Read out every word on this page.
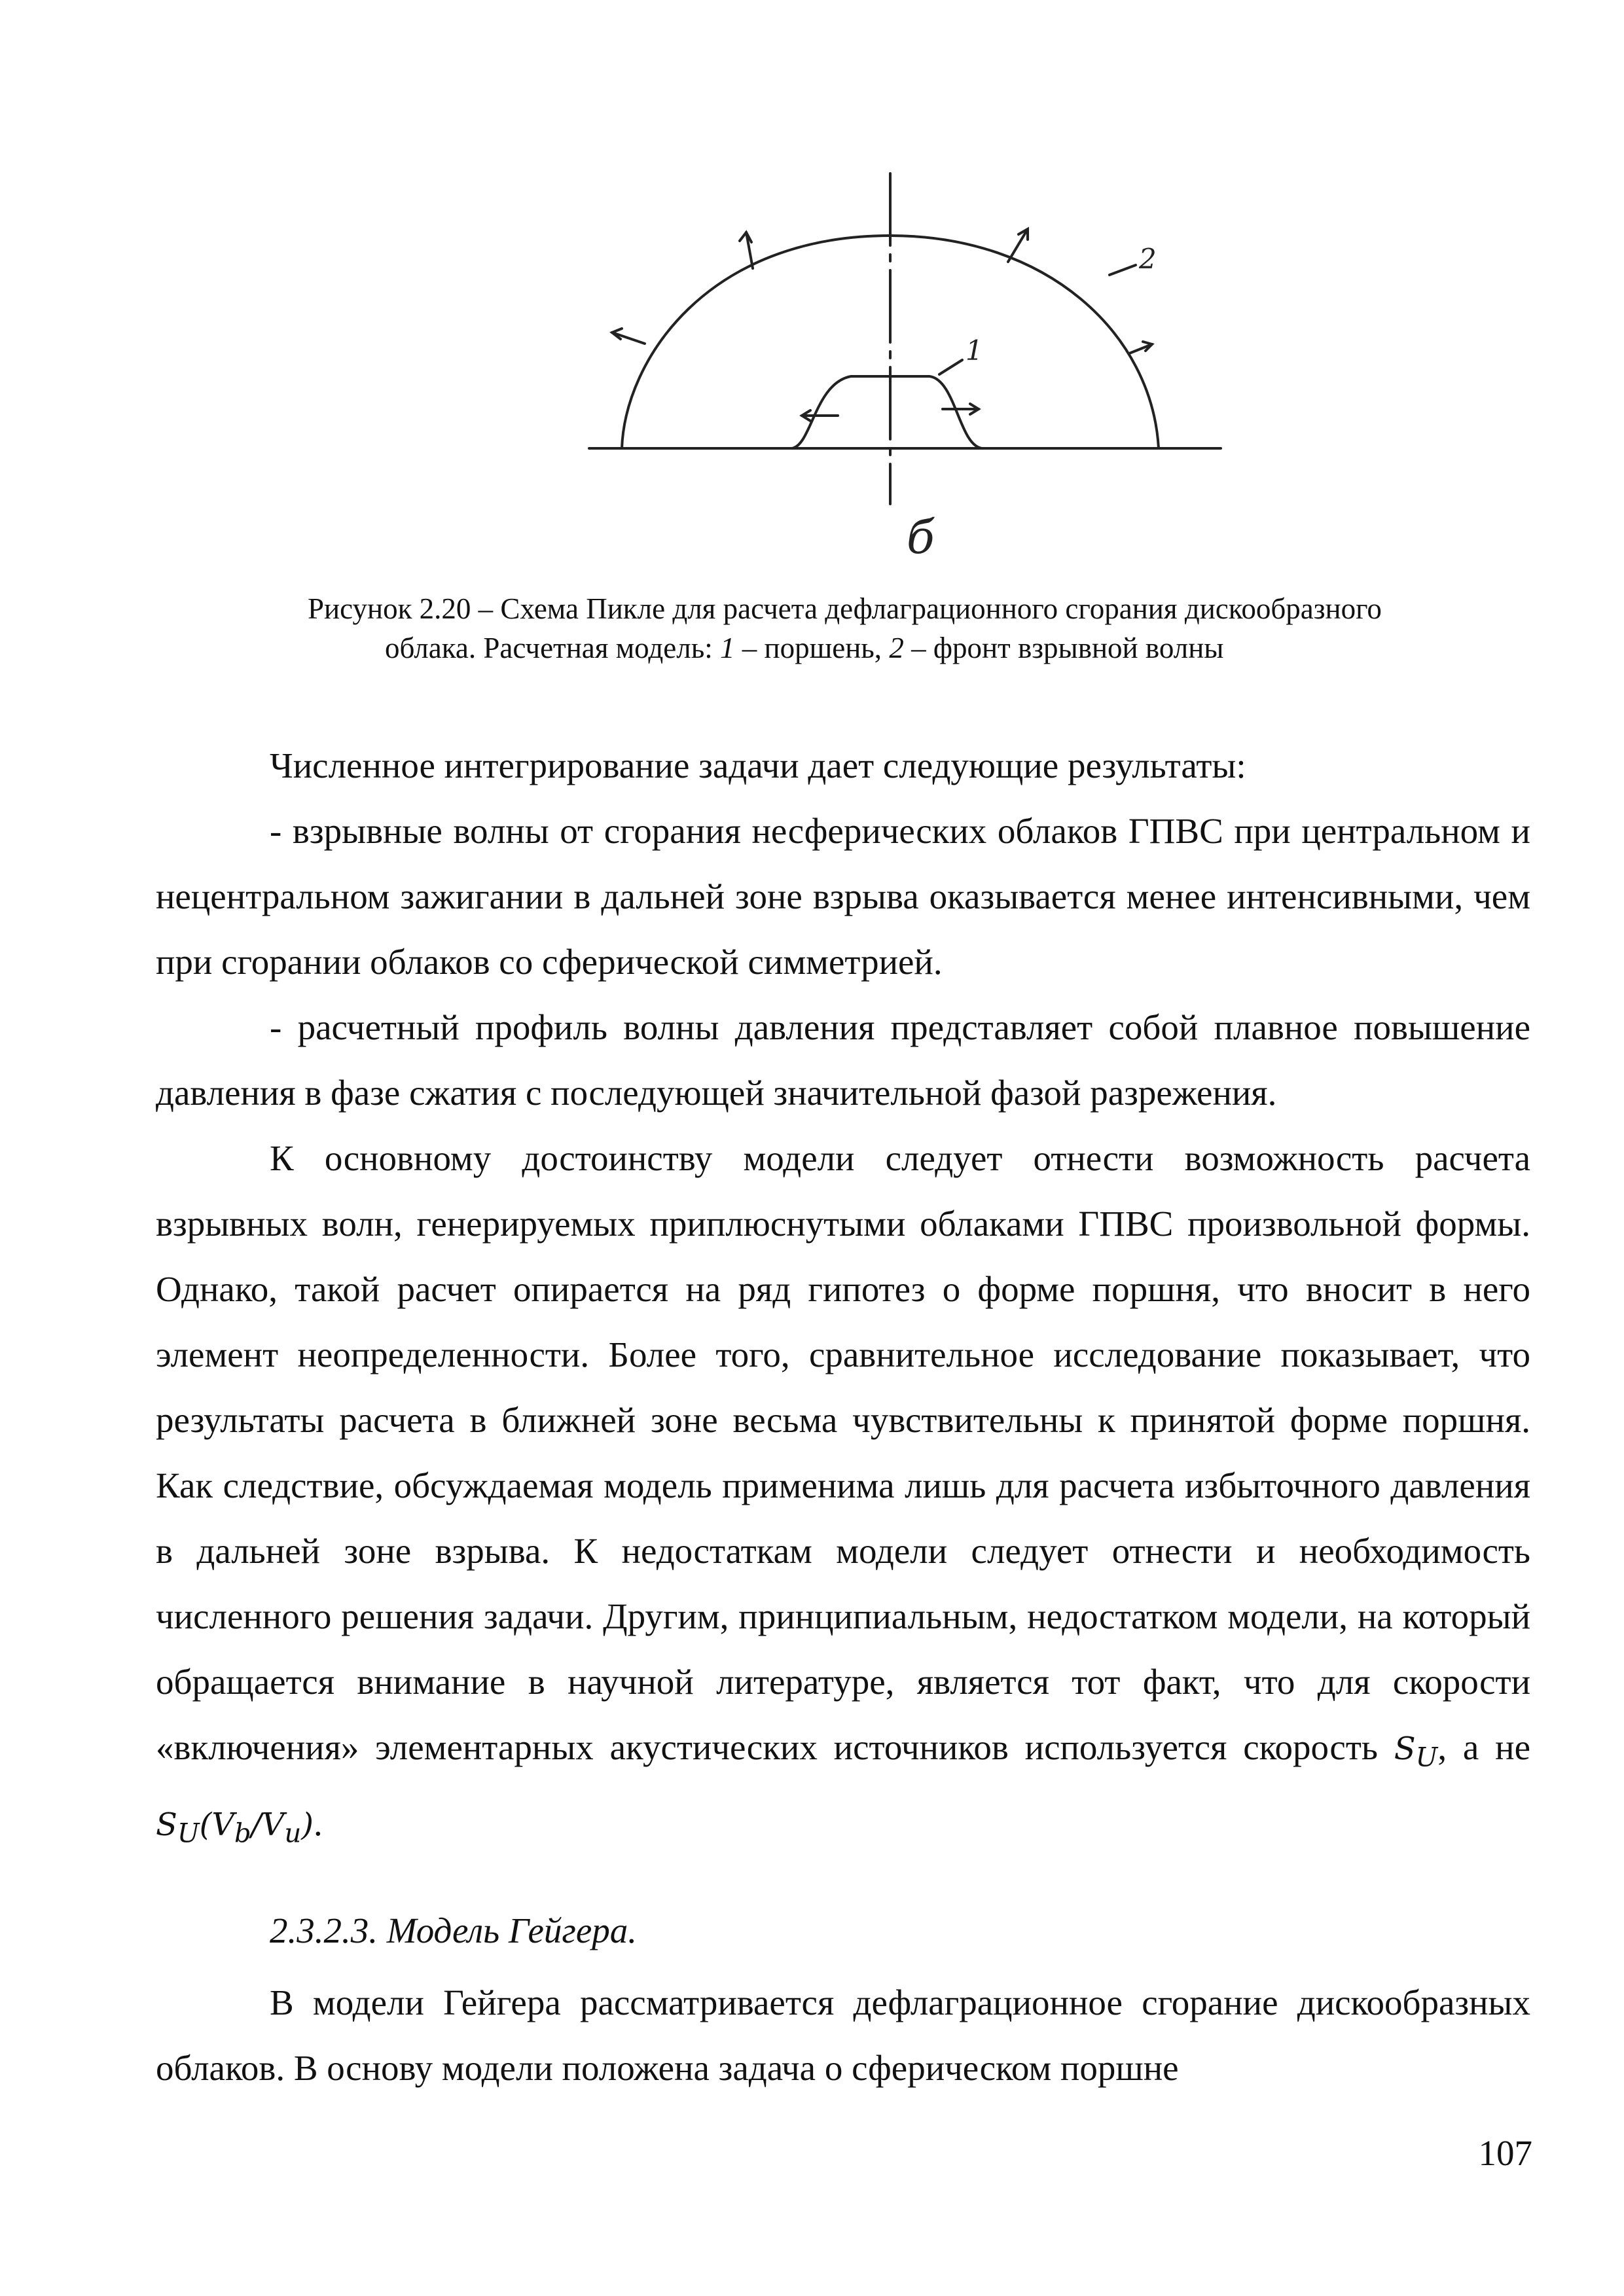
1
2
б
Рисунок 2.20 – Схема Пикле для расчета дефлаграционного сгорания дискообразного
облака. Расчетная модель: 1 – поршень, 2 – фронт взрывной волны

Численное интегрирование задачи дает следующие результаты:

- взрывные волны от сгорания несферических облаков ГПВС при центральном и нецентральном зажигании в дальней зоне взрыва оказывается менее интенсивными, чем при сгорании облаков со сферической симметрией.

- расчетный профиль волны давления представляет собой плавное повышение давления в фазе сжатия с последующей значительной фазой разрежения.

К основному достоинству модели следует отнести возможность расчета взрывных волн, генерируемых приплюснутыми облаками ГПВС произвольной формы. Однако, такой расчет опирается на ряд гипотез о форме поршня, что вносит в него элемент неопределенности. Более того, сравнительное исследование показывает, что результаты расчета в ближней зоне весьма чувствительны к принятой форме поршня. Как следствие, обсуждаемая модель применима лишь для расчета избыточного давления в дальней зоне взрыва. К недостаткам модели следует отнести и необходимость численного решения задачи. Другим, принципиальным, недостатком модели, на который обращается внимание в научной литературе, является тот факт, что для скорости «включения» элементарных акустических источников используется скорость $S_U$, а не $S_U(V_b/V_u)$.

2.3.2.3. Модель Гейгера.

В модели Гейгера рассматривается дефлаграционное сгорание дискообразных облаков. В основу модели положена задача о сферическом поршне

107
